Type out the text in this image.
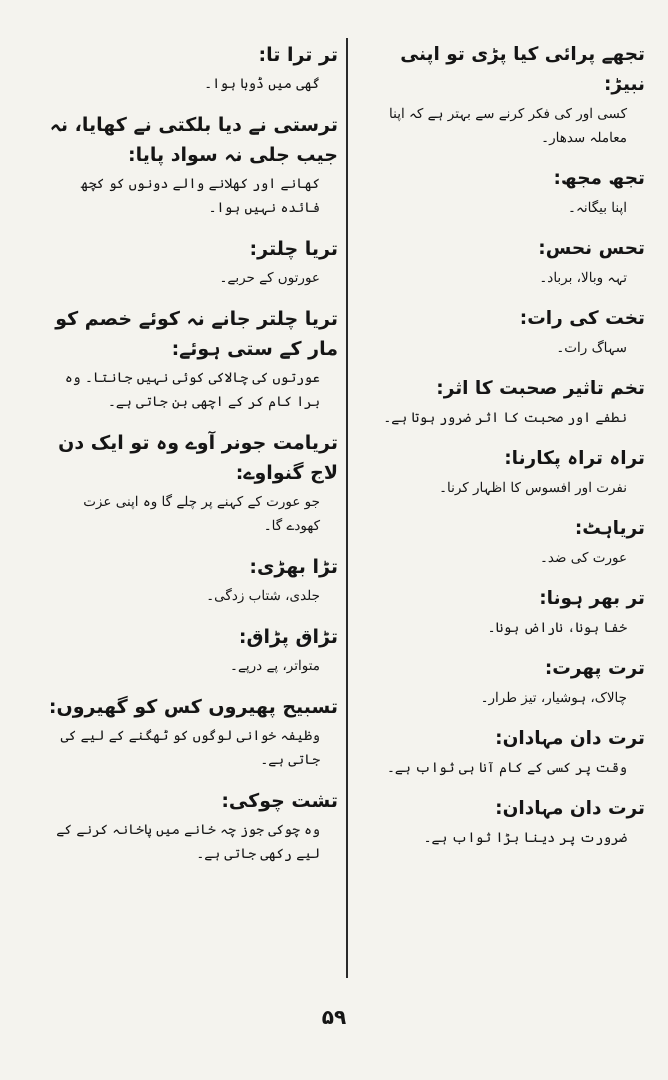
تجھے پرائی کیا پڑی تو اپنی نبیڑ:

کسی اور کی فکر کرنے سے بہتر ہے کہ اپنا معاملہ سدھار۔

تجھ مجھ:

اپنا بیگانہ۔

تحس نحس:

تہہ وبالا، برباد۔

تخت کی رات:

سہاگ رات۔

تخم تاثیر صحبت کا اثر:

نطفے اور صحبت کا اثر ضرور ہوتا ہے۔

تراہ تراہ پکارنا:

نفرت اور افسوس کا اظہار کرنا۔

تریاہٹ:

عورت کی ضد۔

تر بھر ہونا:

خفا ہونا، ناراض ہونا۔

ترت پھرت:

چالاک، ہوشیار، تیز طرار۔

ترت دان مہادان:

وقت پر کسی کے کام آنا ہی ثواب ہے۔

ترت دان مہادان:

ضرورت پر دینا بڑا ثواب ہے۔

تر ترا تا:

گھی میں ڈوبا ہوا۔

ترستی نے دیا بلکتی نے کھایا، نہ جیب جلی نہ سواد پایا:

کھانے اور کھلانے والے دونوں کو کچھ فائدہ نہیں ہوا۔

تریا چلتر:

عورتوں کے حربے۔

تریا چلتر جانے نہ کوئے خصم کو مار کے ستی ہوئے:

عورتوں کی چالاکی کوئی نہیں جانتا۔ وہ برا کام کر کے اچھی بن جاتی ہے۔

تریامت جونر آوے وہ تو ایک دن لاج گنواوے:

جو عورت کے کہنے پر چلے گا وہ اپنی عزت کھودے گا۔

تڑا بھڑی:

جلدی، شتاب زدگی۔

تڑاق پڑاق:

متواتر، پے درپے۔

تسبیح پھیروں کس کو گھیروں:

وظیفہ خوانی لوگوں کو ٹھگنے کے لیے کی جاتی ہے۔

تشت چوکی:

وہ چوکی جوز چہ خانے میں پاخانہ کرنے کے لیے رکھی جاتی ہے۔

۵۹
